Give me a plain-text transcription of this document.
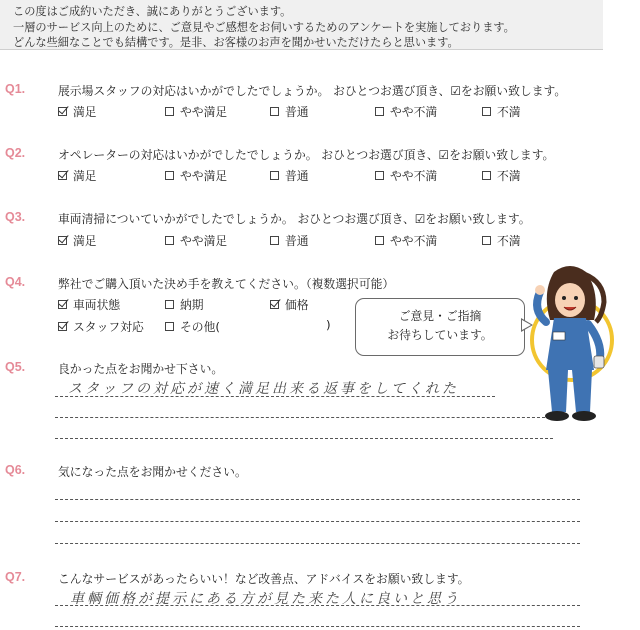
この度はご成約いただき、誠にありがとうございます。
一層のサービス向上のために、ご意見やご感想をお伺いするためのアンケートを実施しております。
どんな些細なことでも結構です。是非、お客様のお声を聞かせいただけたらと思います。
Q1.	展示場スタッフの対応はいかがでしたでしょうか。 おひとつお選び頂き、☑をお願い致します。
満足	やや満足	普通	やや不満	不満
Q2.	オペレーターの対応はいかがでしたでしょうか。 おひとつお選び頂き、☑をお願い致します。
満足	やや満足	普通	やや不満	不満
Q3.	車両清掃についていかがでしたでしょうか。 おひとつお選び頂き、☑をお願い致します。
満足	やや満足	普通	やや不満	不満
Q4.	弊社でご購入頂いた決め手を教えてください。（複数選択可能）
車両状態	納期	価格
スタッフ対応	その他(	)
ご意見・ご指摘
お待ちしています。
Q5.	良かった点をお聞かせ下さい。
スタッフの対応が速く満足出来る返事をしてくれた
Q6.	気になった点をお聞かせください。
Q7.	こんなサービスがあったらいい！など改善点、アドバイスをお願い致します。
車輌価格が提示にある方が見た来た人に良いと思う
